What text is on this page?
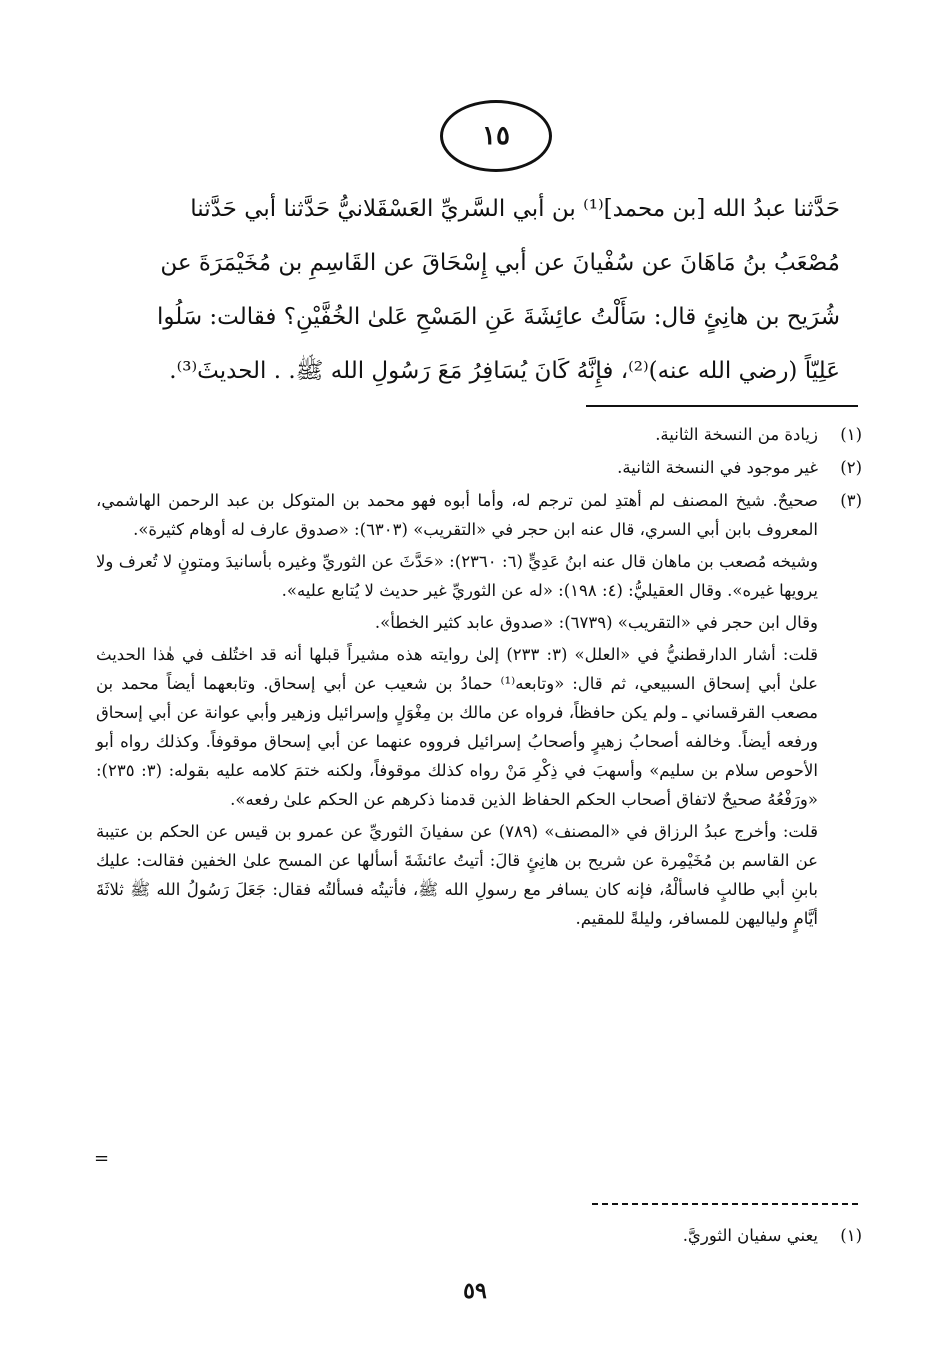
١٥

حَدَّثنا عبدُ الله [بن محمد]⁽¹⁾ بن أبي السَّريِّ العَسْقَلانيُّ حَدَّثنا أبي حَدَّثنا

مُصْعَبُ بنُ مَاهَانَ عن سُفْيانَ عن أبي إِسْحَاقَ عن القَاسِمِ بن مُخَيْمَرَةَ عن

شُرَيح بن هانِئٍ قال: سَأَلْتُ عائِشَةَ عَنِ المَسْحِ عَلىٰ الخُفَّيْنِ؟ فقالت: سَلُوا

عَلِيّاً (رضي الله عنه)⁽²⁾، فإِنَّهُ كَانَ يُسَافِرُ مَعَ رَسُولِ الله ﷺ. . الحديثَ⁽³⁾.

(١)

زيادة من النسخة الثانية.

(٢)

غير موجود في النسخة الثانية.

(٣)

صحيحٌ. شيخ المصنف لم أهتدِ لمن ترجم له، وأما أبوه فهو محمد بن المتوكل بن عبد الرحمن الهاشمي، المعروف بابن أبي السري، قال عنه ابن حجر في «التقريب» (٦٣٠٣): «صدوق عارف له أوهام كثيرة».

وشيخه مُصعب بن ماهان قال عنه ابنُ عَدِيٍّ (٦: ٢٣٦٠): «حَدَّثَ عن الثوريِّ وغيره بأسانيدَ ومتونٍ لا تُعرف ولا يرويها غيره». وقال العقيليُّ: (٤: ١٩٨): «له عن الثوريِّ غير حديث لا يُتابع عليه».

وقال ابن حجر في «التقريب» (٦٧٣٩): «صدوق عابد كثير الخطأ».

قلت: أشار الدارقطنيُّ في «العلل» (٣: ٢٣٣) إلىٰ روايته هذه مشيراً قبلها أنه قد اختُلف في هٰذا الحديث علىٰ أبي إسحاق السبيعي، ثم قال: «وتابعه⁽¹⁾ حمادُ بن شعيب عن أبي إسحاق. وتابعهما أيضاً محمد بن مصعب القرقساني ـ ولم يكن حافظاً، فرواه عن مالك بن مِغْوَلٍ وإسرائيل وزهير وأبي عوانة عن أبي إسحاق ورفعه أيضاً. وخالفه أصحابُ زهيرٍ وأصحابُ إسرائيل فرووه عنهما عن أبي إسحاق موقوفاً. وكذلك رواه أبو الأحوص سلام بن سليم» وأسهبَ في ذِكْرِ مَنْ رواه كذلك موقوفاً، ولكنه ختمَ كلامه عليه بقوله: (٣: ٢٣٥): «ورَفْعُهُ صحيحٌ لاتفاق أصحاب الحكم الحفاظ الذين قدمنا ذكرهم عن الحكم علىٰ رفعه».

قلت: وأخرج عبدُ الرزاق في «المصنف» (٧٨٩) عن سفيانَ الثوريِّ عن عمرو بن قيس عن الحكم بن عتيبة عن القاسم بن مُخَيْمِرة عن شريح بن هانِئٍ قالَ: أتيتُ عائشَةَ أسألها عن المسح علىٰ الخفين فقالت: عليك بابنِ أبي طالبٍ فاسألْهُ، فإنه كان يسافر مع رسولِ الله ﷺ، فأتيتُه فسألتُه فقال: جَعَلَ رَسُولُ الله ﷺ ثلاثَةَ أيَّامٍ ولياليهن للمسافر، وليلةً للمقيم.

=
(١)
يعني سفيان الثوريَّ.
٥٩
